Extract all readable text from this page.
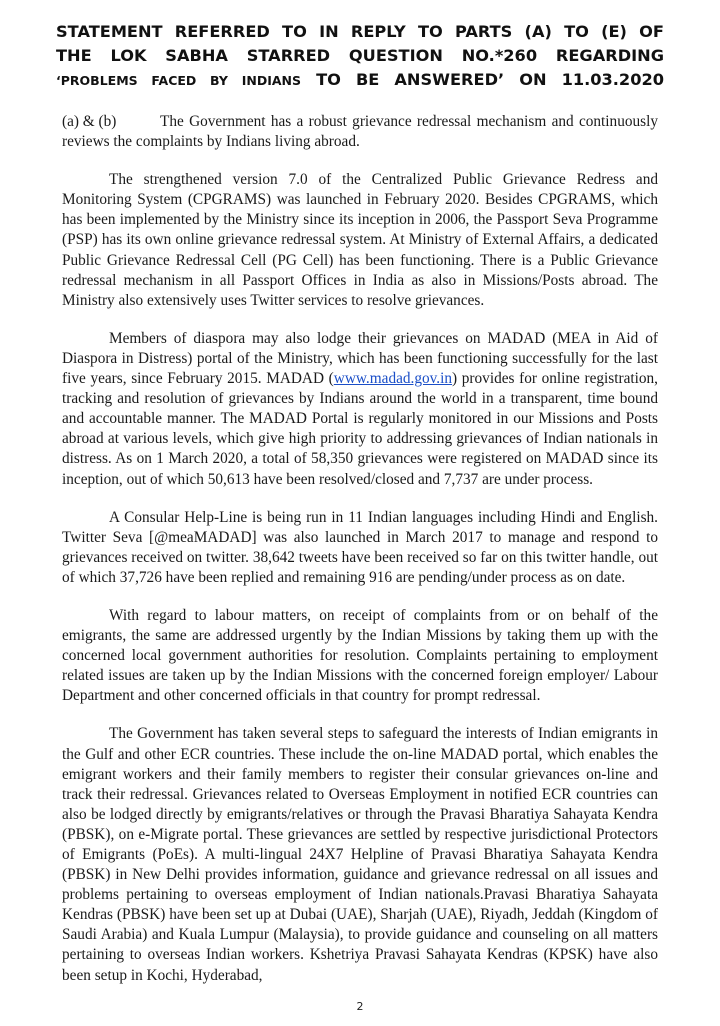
STATEMENT REFERRED TO IN REPLY TO PARTS (A) TO (E) OF
THE LOK SABHA STARRED QUESTION NO.*260 REGARDING
‘PROBLEMS FACED BY INDIANS TO BE ANSWERED’ ON 11.03.2020

(a) & (b)	The Government has a robust grievance redressal mechanism and continuously reviews the complaints by Indians living abroad.

The strengthened version 7.0 of the Centralized Public Grievance Redress and Monitoring System (CPGRAMS) was launched in February 2020. Besides CPGRAMS, which has been implemented by the Ministry since its inception in 2006, the Passport Seva Programme (PSP) has its own online grievance redressal system. At Ministry of External Affairs, a dedicated Public Grievance Redressal Cell (PG Cell) has been functioning. There is a Public Grievance redressal mechanism in all Passport Offices in India as also in Missions/Posts abroad. The Ministry also extensively uses Twitter services to resolve grievances.

Members of diaspora may also lodge their grievances on MADAD (MEA in Aid of Diaspora in Distress) portal of the Ministry, which has been functioning successfully for the last five years, since February 2015. MADAD (www.madad.gov.in) provides for online registration, tracking and resolution of grievances by Indians around the world in a transparent, time bound and accountable manner. The MADAD Portal is regularly monitored in our Missions and Posts abroad at various levels, which give high priority to addressing grievances of Indian nationals in distress. As on 1 March 2020, a total of 58,350 grievances were registered on MADAD since its inception, out of which 50,613 have been resolved/closed and 7,737 are under process.

A Consular Help-Line is being run in 11 Indian languages including Hindi and English. Twitter Seva [@meaMADAD] was also launched in March 2017 to manage and respond to grievances received on twitter. 38,642 tweets have been received so far on this twitter handle, out of which 37,726 have been replied and remaining 916 are pending/under process as on date.

With regard to labour matters, on receipt of complaints from or on behalf of the emigrants, the same are addressed urgently by the Indian Missions by taking them up with the concerned local government authorities for resolution. Complaints pertaining to employment related issues are taken up by the Indian Missions with the concerned foreign employer/ Labour Department and other concerned officials in that country for prompt redressal.

The Government has taken several steps to safeguard the interests of Indian emigrants in the Gulf and other ECR countries. These include the on-line MADAD portal, which enables the emigrant workers and their family members to register their consular grievances on-line and track their redressal. Grievances related to Overseas Employment in notified ECR countries can also be lodged directly by emigrants/relatives or through the Pravasi Bharatiya Sahayata Kendra (PBSK), on e-Migrate portal. These grievances are settled by respective jurisdictional Protectors of Emigrants (PoEs). A multi-lingual 24X7 Helpline of Pravasi Bharatiya Sahayata Kendra (PBSK) in New Delhi provides information, guidance and grievance redressal on all issues and problems pertaining to overseas employment of Indian nationals.Pravasi Bharatiya Sahayata Kendras (PBSK) have been set up at Dubai (UAE), Sharjah (UAE), Riyadh, Jeddah (Kingdom of Saudi Arabia) and Kuala Lumpur (Malaysia), to provide guidance and counseling on all matters pertaining to overseas Indian workers. Kshetriya Pravasi Sahayata Kendras (KPSK) have also been setup in Kochi, Hyderabad,

2
